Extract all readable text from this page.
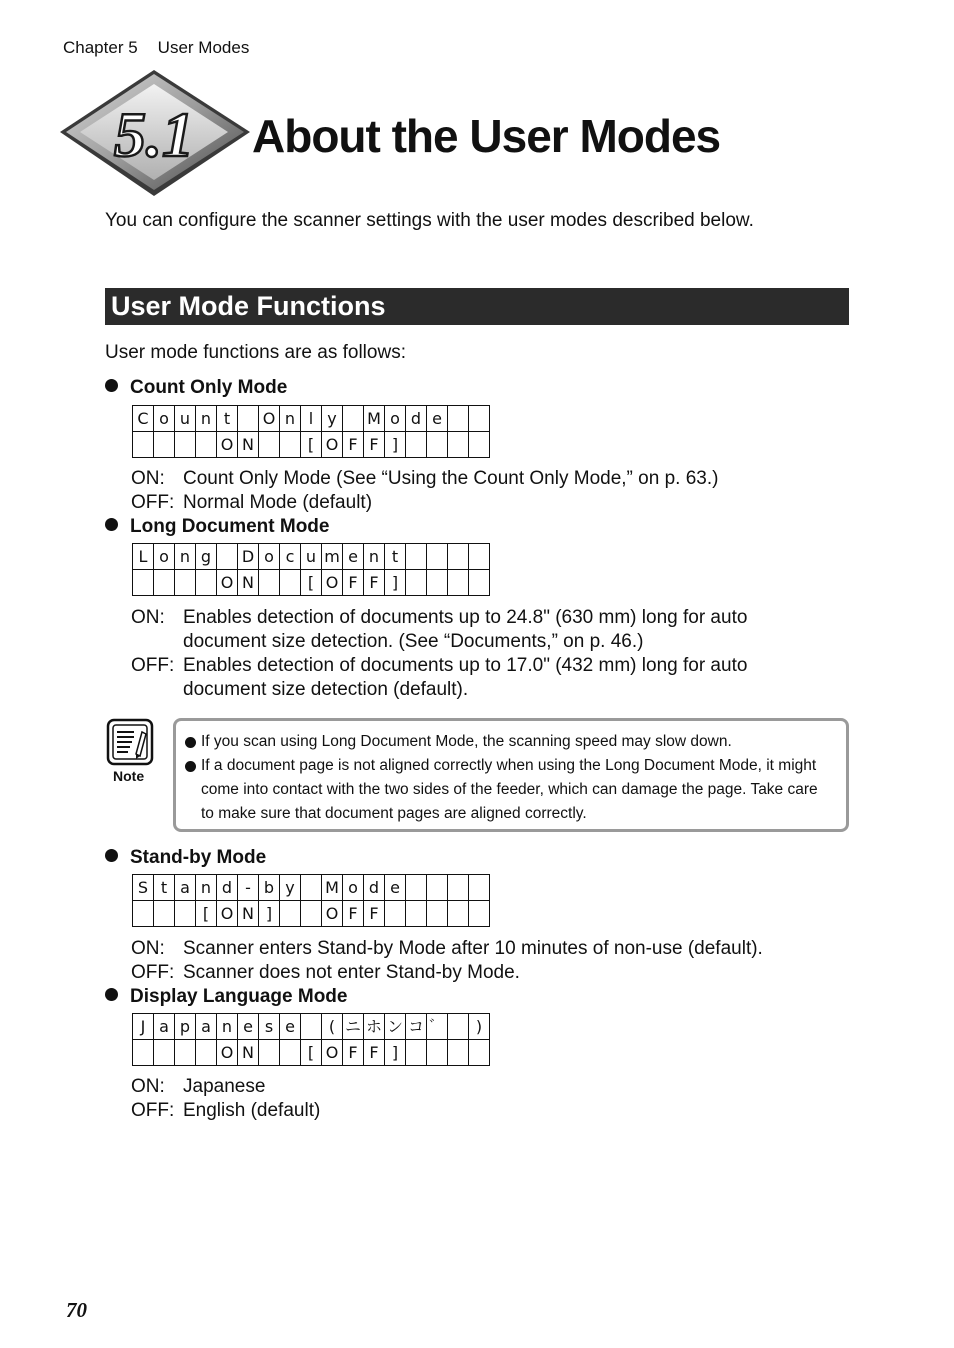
Chapter 5 User Modes
5.1 About the User Modes

You can configure the scanner settings with the user modes described below.

User Mode Functions

User mode functions are as follows:

Count Only Mode
C	o	u	n	t		O	n	l	y		M	o	d	e		
				O	N			[	O	F	F	]				
ON: Count Only Mode (See “Using the Count Only Mode,” on p. 63.)
OFF: Normal Mode (default)
Long Document Mode
L	o	n	g		D	o	c	u	m	e	n	t				
				O	N			[	O	F	F	]				
ON: Enables detection of documents up to 24.8" (630 mm) long for auto document size detection. (See “Documents,” on p. 46.)
OFF: Enables detection of documents up to 17.0" (432 mm) long for auto document size detection (default).
Note
If you scan using Long Document Mode, the scanning speed may slow down.
If a document page is not aligned correctly when using the Long Document Mode, it might come into contact with the two sides of the feeder, which can damage the page. Take care to make sure that document pages are aligned correctly.
Stand-by Mode
S	t	a	n	d	-	b	y		M	o	d	e				
			[	O	N	]			O	F	F					
ON: Scanner enters Stand-by Mode after 10 minutes of non-use (default).
OFF: Scanner does not enter Stand-by Mode.
Display Language Mode
J	a	p	a	n	e	s	e		(	ニ	ホ	ン	コ	゛		)
				O	N			[	O	F	F	]				
ON: Japanese
OFF: English (default)
70
